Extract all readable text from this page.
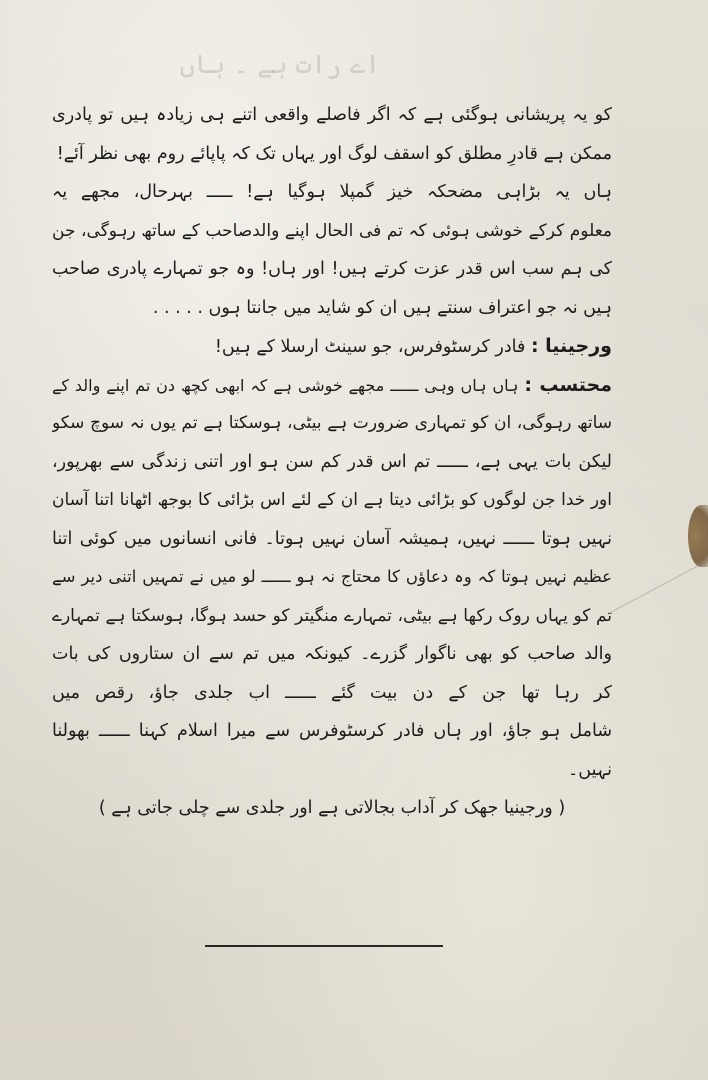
اے رات ہے ۔ ہاں
کو یہ پریشانی ہوگئی ہے کہ اگر فاصلے واقعی اتنے ہی زیادہ ہیں تو پادری
ممکن ہے قادرِ مطلق کو اسقف لوگ اور یہاں تک کہ پاپائے روم بھی نظر آئے!
ہاں یہ بڑاہی مضحکہ خیز گمپلا ہوگیا ہے! ـــــ بہرحال، مجھے یہ
معلوم کرکے خوشی ہوئی کہ تم فی الحال اپنے والدصاحب کے ساتھ رہوگی، جن
کی ہم سب اس قدر عزت کرتے ہیں! اور ہاں! وہ جو تمہارے پادری صاحب
ہیں نہ جو اعتراف سنتے ہیں ان کو شاید میں جانتا ہوں . . . . .
ورجینیا : فادر کرسٹوفرس، جو سینٹ ارسلا کے ہیں!
محتسب : ہاں ہاں وہی ــــــ مجھے خوشی ہے کہ ابھی کچھ دن تم اپنے والد کے
ساتھ رہوگی، ان کو تمہاری ضرورت ہے بیٹی، ہوسکتا ہے تم یوں نہ سوچ سکو
لیکن بات یہی ہے، ــــــ تم اس قدر کم سن ہو اور اتنی زندگی سے بھرپور،
اور خدا جن لوگوں کو بڑائی دیتا ہے ان کے لئے اس بڑائی کا بوجھ اٹھانا اتنا آسان
نہیں ہوتا ــــــ نہیں، ہمیشہ آسان نہیں ہوتا۔ فانی انسانوں میں کوئی اتنا
عظیم نہیں ہوتا کہ وہ دعاؤں کا محتاج نہ ہو ــــــ لو میں نے تمہیں اتنی دیر سے
تم کو یہاں روک رکھا ہے بیٹی، تمہارے منگیتر کو حسد ہوگا، ہوسکتا ہے تمہارے
والد صاحب کو بھی ناگوار گزرے۔ کیونکہ میں تم سے ان ستاروں کی بات
کر رہا تھا جن کے دن بیت گئے ــــــ اب جلدی جاؤ، رقص میں
شامل ہو جاؤ، اور ہاں فادر کرسٹوفرس سے میرا اسلام کہنا ــــــ بھولنا
نہیں۔
( ورجینیا جھک کر آداب بجالاتی ہے اور جلدی سے چلی جاتی ہے )
